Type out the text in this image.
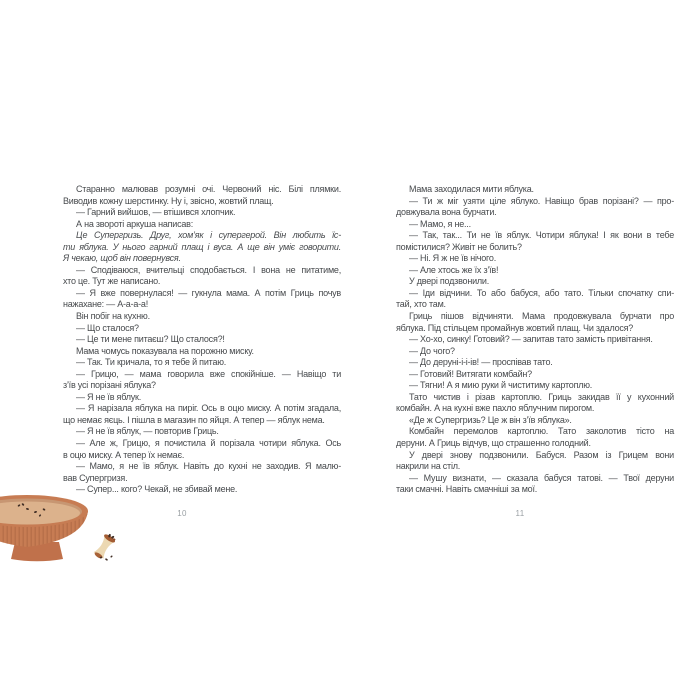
Старанно малював розумні очі. Червоний ніс. Білі плямки.
Виводив кожну шерстинку. Ну і, звісно, жовтий плащ.
— Гарний вийшов, — втішився хлопчик.
А на звороті аркуша написав:
Це Супергризь. Друг, хом’як і супергерой. Він любить їс-
ти яблука. У нього гарний плащ і вуса. А ще він уміє говорити.
Я чекаю, щоб він повернувся.
— Сподіваюся, вчительці сподобається. І вона не питатиме,
хто це. Тут же написано.
— Я вже повернулася! — гукнула мама. А потім Гриць почув
нажахане: — А-а-а-а!
Він побіг на кухню.
— Що сталося?
— Це ти мене питаєш? Що сталося?!
Мама чомусь показувала на порожню миску.
— Так. Ти кричала, то я тебе й питаю.
— Грицю, — мама говорила вже спокійніше. — Навіщо ти
з’їв усі порізані яблука?
— Я не їв яблук.
— Я нарізала яблука на пиріг. Ось в оцю миску. А потім згадала,
що немає яєць. І пішла в магазин по яйця. А тепер — яблук нема.
— Я не їв яблук, — повторив Гриць.
— Але ж, Грицю, я почистила й порізала чотири яблука. Ось
в оцю миску. А тепер їх немає.
— Мамо, я не їв яблук. Навіть до кухні не заходив. Я малю-
вав Супергризя.
— Супер... кого? Чекай, не збивай мене.
10
Мама заходилася мити яблука.
— Ти ж міг узяти ціле яблуко. Навіщо брав порізані? — про-
довжувала вона бурчати.
— Мамо, я не...
— Так, так... Ти не їв яблук. Чотири яблука! І як вони в тебе
помістилися? Живіт не болить?
— Ні. Я ж не їв нічого.
— Але хтось же їх з’їв!
У двері подзвонили.
— Іди відчини. То або бабуся, або тато. Тільки спочатку спи-
тай, хто там.
Гриць пішов відчиняти. Мама продовжувала бурчати про
яблука. Під стільцем промайнув жовтий плащ. Чи здалося?
— Хо-хо, синку! Готовий? — запитав тато замість привітання.
— До чого?
— До деруні-і-і-ів! — проспівав тато.
— Готовий! Витягати комбайн?
— Тягни! А я мию руки й чиститиму картоплю.
Тато чистив і різав картоплю. Гриць закидав її у кухонний
комбайн. А на кухні вже пахло яблучним пирогом.
«Де ж Супергризь? Це ж він з’їв яблука».
Комбайн перемолов картоплю. Тато заколотив тісто на
деруни. А Гриць відчув, що страшенно голодний.
У двері знову подзвонили. Бабуся. Разом із Грицем вони
накрили на стіл.
— Мушу визнати, — сказала бабуся татові. — Твої деруни
таки смачні. Навіть смачніші за мої.
11
